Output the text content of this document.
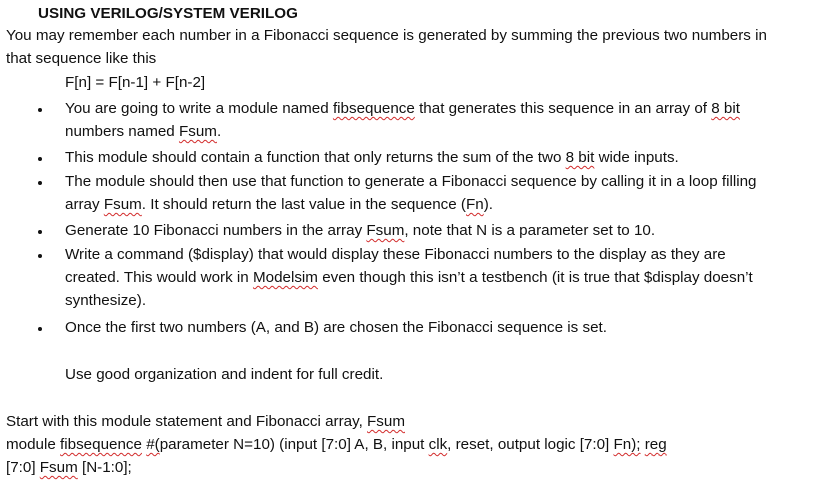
USING VERILOG/SYSTEM VERILOG
You may remember each number in a Fibonacci sequence is generated by summing the previous two numbers in
that sequence like this
F[n] = F[n-1] + F[n-2]
You are going to write a module named fibsequence that generates this sequence in an array of 8 bit
numbers named Fsum.
This module should contain a function that only returns the sum of the two 8 bit wide inputs.
The module should then use that function to generate a Fibonacci sequence by calling it in a loop filling
array Fsum. It should return the last value in the sequence (Fn).
Generate 10 Fibonacci numbers in the array Fsum, note that N is a parameter set to 10.
Write a command ($display) that would display these Fibonacci numbers to the display as they are
created. This would work in Modelsim even though this isn’t a testbench (it is true that $display doesn’t
synthesize).
Once the first two numbers (A, and B) are chosen the Fibonacci sequence is set.
Use good organization and indent for full credit.
Start with this module statement and Fibonacci array, Fsum
module fibsequence #(parameter N=10) (input [7:0] A, B, input clk, reset, output logic [7:0] Fn); reg
[7:0] Fsum [N-1:0];
